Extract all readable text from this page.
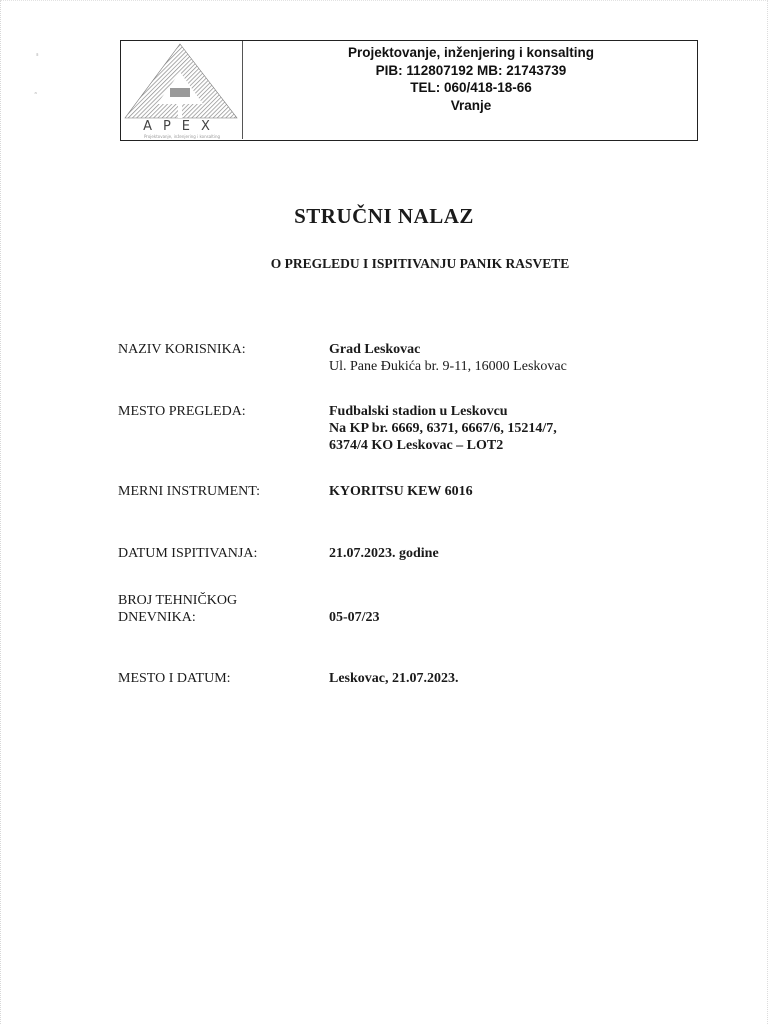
ˢ
˜
APEX
Projektovanje, inženjering i konsalting
Projektovanje, inženjering i konsalting
PIB: 112807192 MB: 21743739
TEL: 060/418-18-66
Vranje
STRUČNI NALAZ
O PREGLEDU I ISPITIVANJU PANIK RASVETE
NAZIV KORISNIKA:	Grad Leskovac
Ul. Pane Đukića br. 9-11, 16000 Leskovac
MESTO PREGLEDA:	Fudbalski stadion u Leskovcu
Na KP br. 6669, 6371, 6667/6, 15214/7,
6374/4 KO Leskovac – LOT2
MERNI INSTRUMENT:	KYORITSU KEW 6016
DATUM ISPITIVANJA:	21.07.2023. godine
BROJ TEHNIČKOG
DNEVNIKA:	05-07/23
MESTO I DATUM:	Leskovac, 21.07.2023.
